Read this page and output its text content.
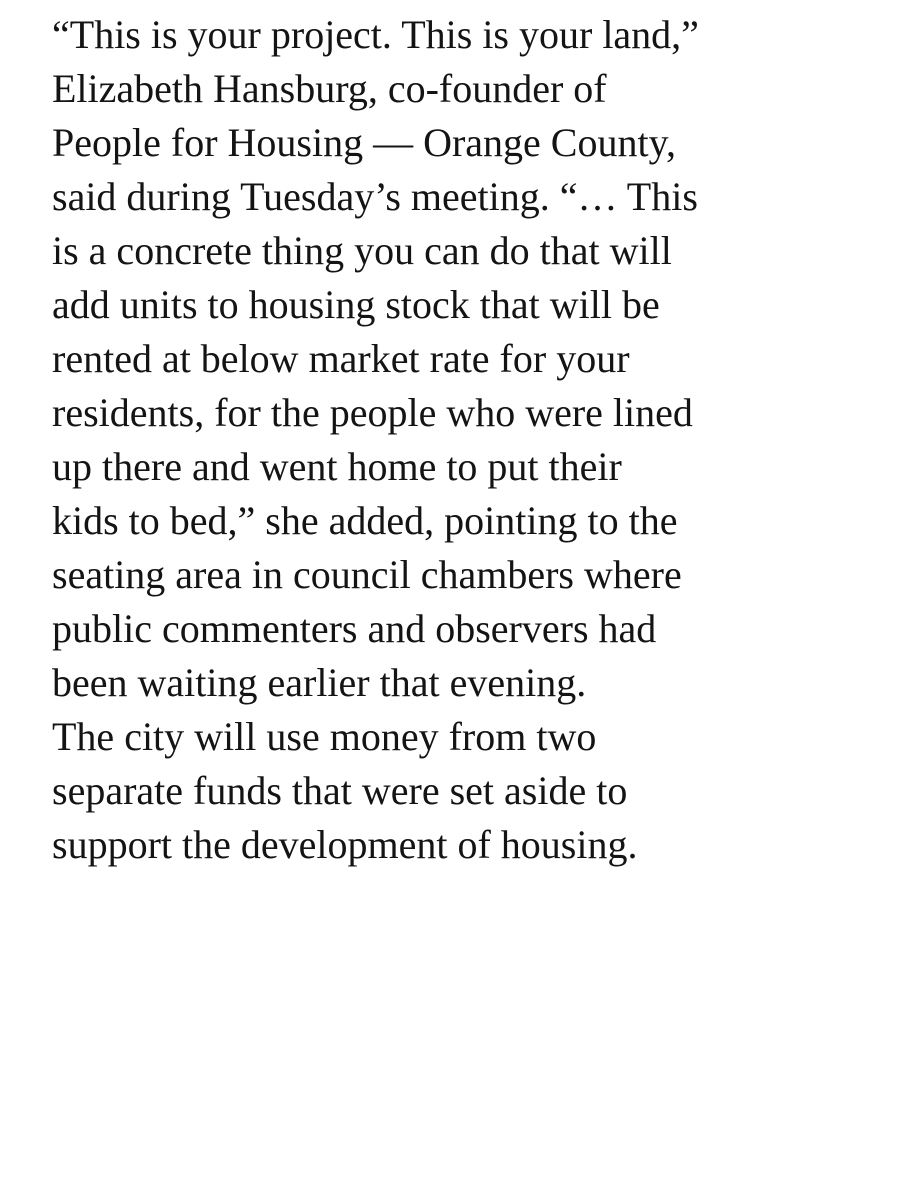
“This is your project. This is your land,”
Elizabeth Hansburg, co-founder of
People for Housing — Orange County,
said during Tuesday’s meeting. “… This
is a concrete thing you can do that will
add units to housing stock that will be
rented at below market rate for your
residents, for the people who were lined
up there and went home to put their
kids to bed,” she added, pointing to the
seating area in council chambers where
public commenters and observers had
been waiting earlier that evening.

The city will use money from two
separate funds that were set aside to
support the development of housing.
